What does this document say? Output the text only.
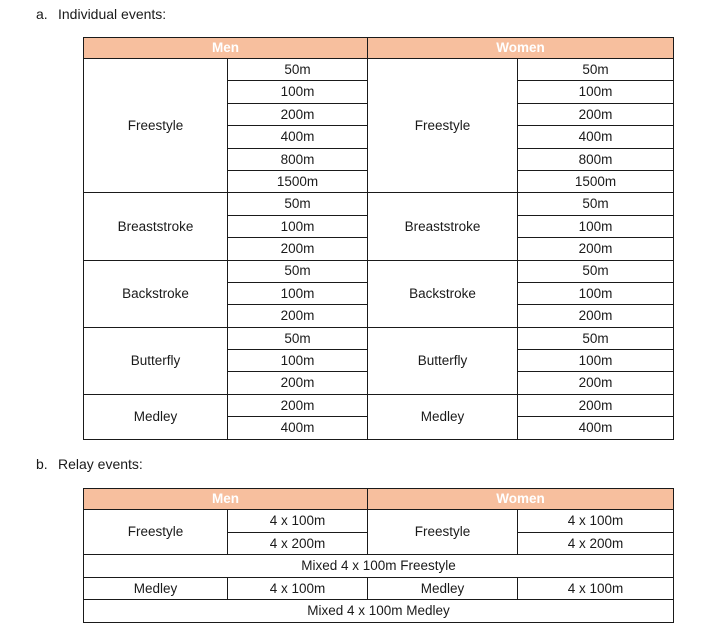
a. Individual events:
Men		Women	
Freestyle	50m	Freestyle	50m
	100m		100m
	200m		200m
	400m		400m
	800m		800m
	1500m		1500m
Breaststroke	50m	Breaststroke	50m
	100m		100m
	200m		200m
Backstroke	50m	Backstroke	50m
	100m		100m
	200m		200m
Butterfly	50m	Butterfly	50m
	100m		100m
	200m		200m
Medley	200m	Medley	200m
	400m		400m
b. Relay events:
Men		Women	
Freestyle	4 x 100m	Freestyle	4 x 100m
	4 x 200m		4 x 200m
Mixed 4 x 100m Freestyle			
Medley	4 x 100m	Medley	4 x 100m
Mixed 4 x 100m Medley			
